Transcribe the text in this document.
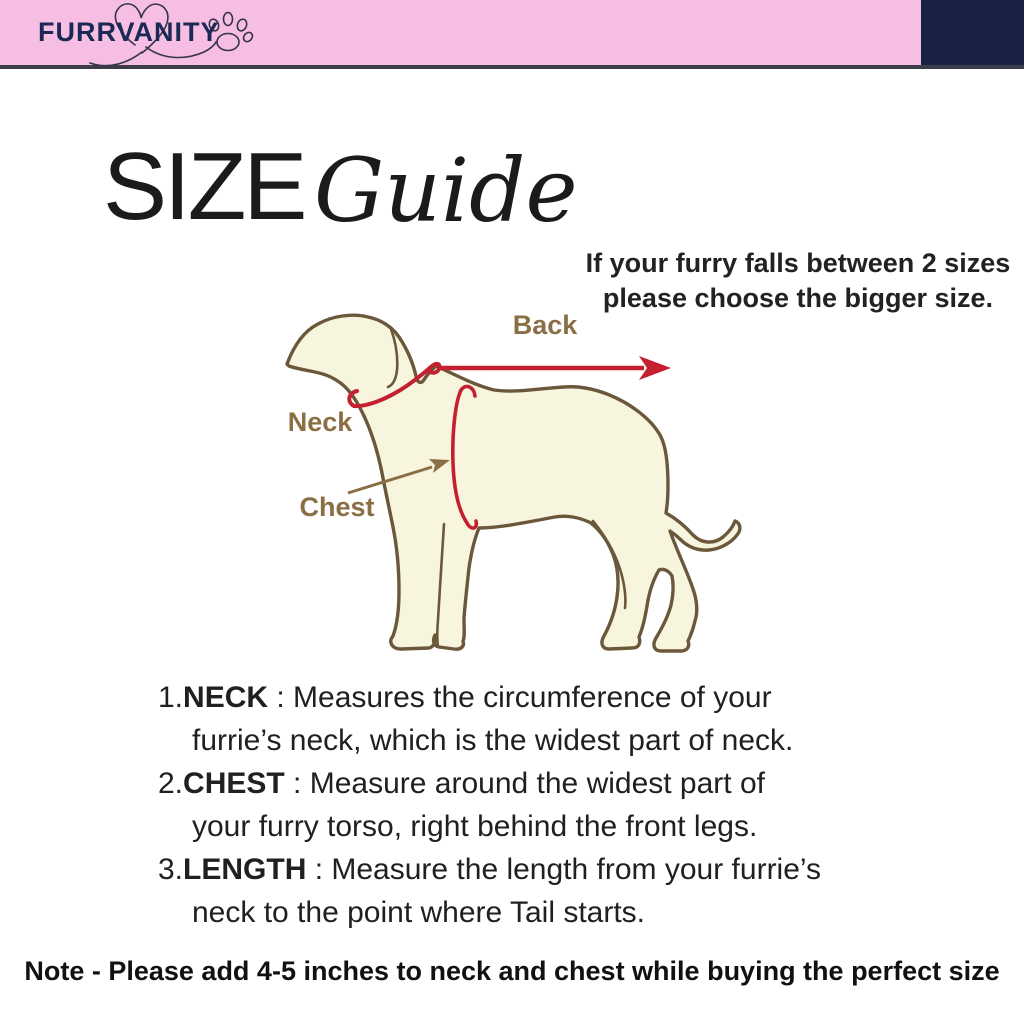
FURRVANITY
SIZE Guide
If your furry falls between 2 sizes
please choose the bigger size.
Back
Neck
Chest
1.NECK : Measures the circumference of your furrie’s neck, which is the widest part of neck.
2.CHEST : Measure around the widest part of your furry torso, right behind the front legs.
3.LENGTH : Measure the length from your furrie’s neck to the point where Tail starts.
Note - Please add 4-5 inches to neck and chest while buying the perfect size
